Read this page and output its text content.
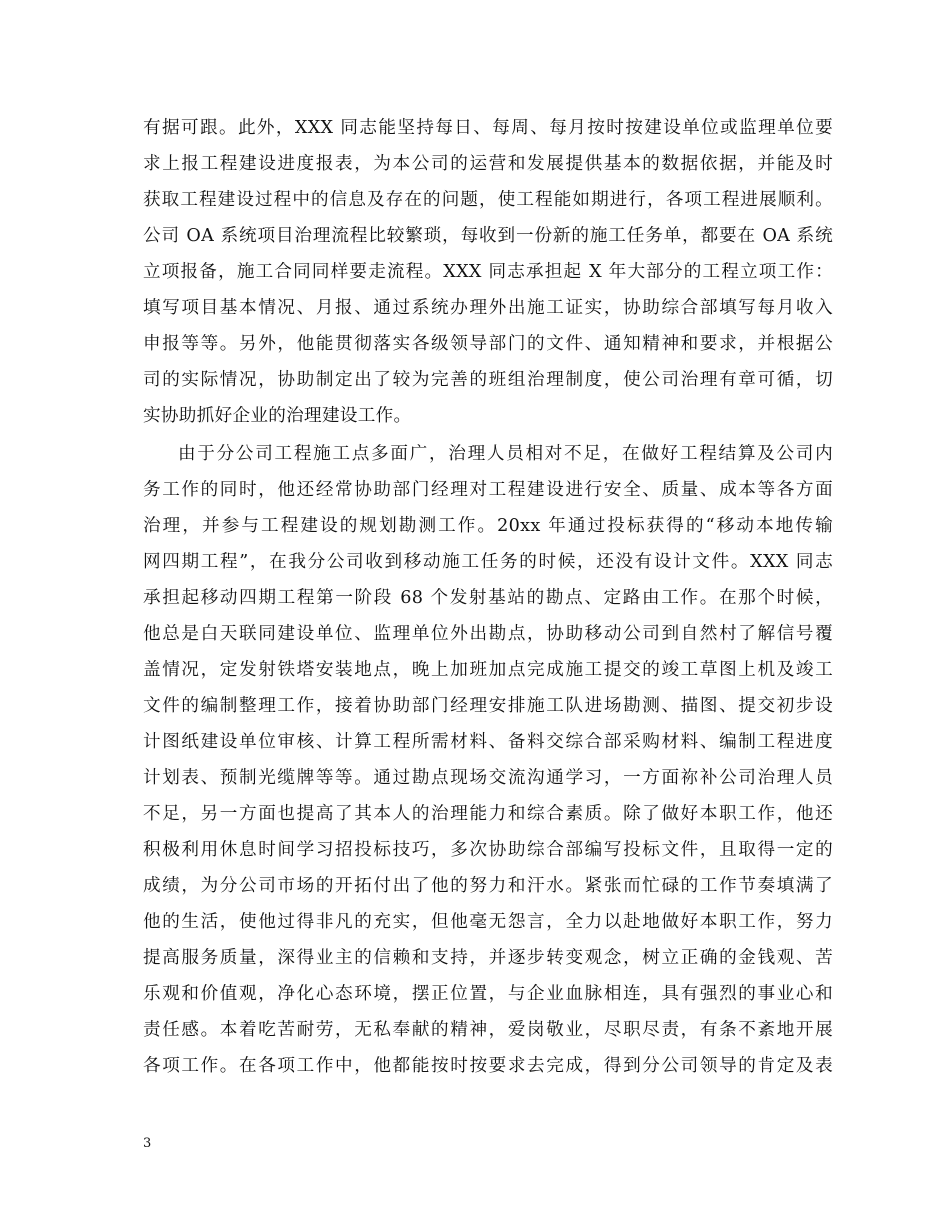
有据可跟。此外，XXX 同志能坚持每日、每周、每月按时按建设单位或监理单位要
求上报工程建设进度报表，为本公司的运营和发展提供基本的数据依据，并能及时
获取工程建设过程中的信息及存在的问题，使工程能如期进行，各项工程进展顺利。
公司 OA 系统项目治理流程比较繁琐，每收到一份新的施工任务单，都要在 OA 系统
立项报备，施工合同同样要走流程。XXX 同志承担起 X 年大部分的工程立项工作：
填写项目基本情况、月报、通过系统办理外出施工证实，协助综合部填写每月收入
申报等等。另外，他能贯彻落实各级领导部门的文件、通知精神和要求，并根据公
司的实际情况，协助制定出了较为完善的班组治理制度，使公司治理有章可循，切
实协助抓好企业的治理建设工作。
由于分公司工程施工点多面广，治理人员相对不足，在做好工程结算及公司内
务工作的同时，他还经常协助部门经理对工程建设进行安全、质量、成本等各方面
治理，并参与工程建设的规划勘测工作。20xx 年通过投标获得的“移动本地传输
网四期工程”，在我分公司收到移动施工任务的时候，还没有设计文件。XXX 同志
承担起移动四期工程第一阶段 68 个发射基站的勘点、定路由工作。在那个时候，
他总是白天联同建设单位、监理单位外出勘点，协助移动公司到自然村了解信号覆
盖情况，定发射铁塔安装地点，晚上加班加点完成施工提交的竣工草图上机及竣工
文件的编制整理工作，接着协助部门经理安排施工队进场勘测、描图、提交初步设
计图纸建设单位审核、计算工程所需材料、备料交综合部采购材料、编制工程进度
计划表、预制光缆牌等等。通过勘点现场交流沟通学习，一方面祢补公司治理人员
不足，另一方面也提高了其本人的治理能力和综合素质。除了做好本职工作，他还
积极利用休息时间学习招投标技巧，多次协助综合部编写投标文件，且取得一定的
成绩，为分公司市场的开拓付出了他的努力和汗水。紧张而忙碌的工作节奏填满了
他的生活，使他过得非凡的充实，但他毫无怨言，全力以赴地做好本职工作，努力
提高服务质量，深得业主的信赖和支持，并逐步转变观念，树立正确的金钱观、苦
乐观和价值观，净化心态环境，摆正位置，与企业血脉相连，具有强烈的事业心和
责任感。本着吃苦耐劳，无私奉献的精神，爱岗敬业，尽职尽责，有条不紊地开展
各项工作。在各项工作中，他都能按时按要求去完成，得到分公司领导的肯定及表
3
